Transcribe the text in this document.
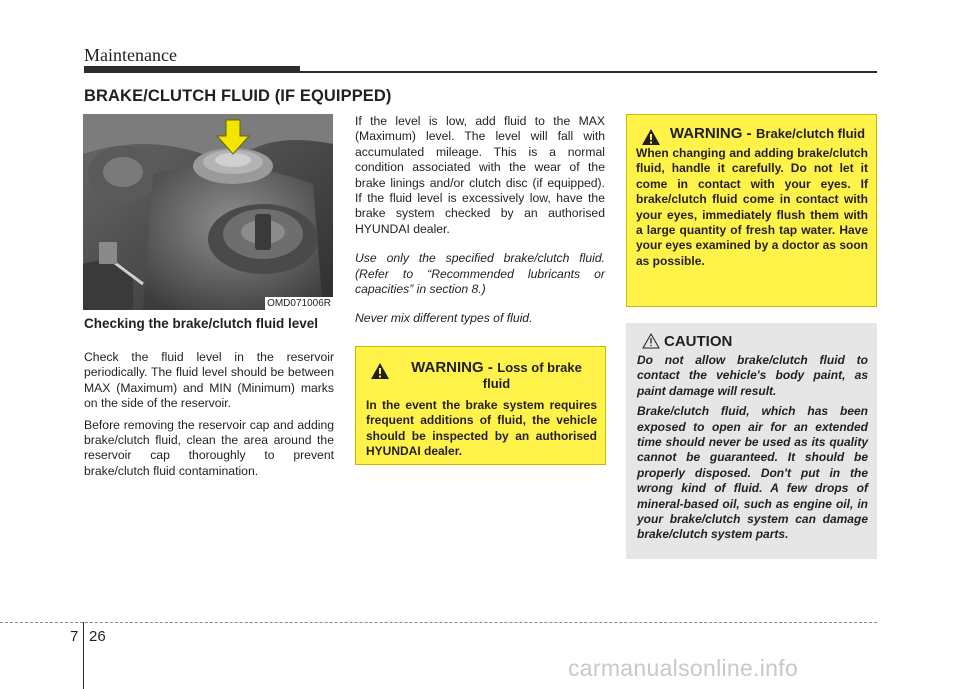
Maintenance
BRAKE/CLUTCH FLUID (IF EQUIPPED)
OMD071006R
Checking the brake/clutch fluid level

Check the fluid level in the reservoir periodically. The fluid level should be between MAX (Maximum) and MIN (Minimum) marks on the side of the reservoir.

Before removing the reservoir cap and adding brake/clutch fluid, clean the area around the reservoir cap thoroughly to prevent brake/clutch fluid contamination.

If the level is low, add fluid to the MAX (Maximum) level. The level will fall with accumulated mileage. This is a normal condition associated with the wear of the brake linings and/or clutch disc (if equipped). If the fluid level is excessively low, have the brake system checked by an authorised HYUNDAI dealer.

Use only the specified brake/clutch fluid. (Refer to “Recommended lubricants or capacities” in section 8.)

Never mix different types of fluid.

WARNING - Loss of brake fluid
In the event the brake system requires frequent additions of fluid, the vehicle should be inspected by an authorised HYUNDAI dealer.
WARNING - Brake/clutch fluid
When changing and adding brake/clutch fluid, handle it carefully. Do not let it come in contact with your eyes. If brake/clutch fluid come in contact with your eyes, immediately flush them with a large quantity of fresh tap water. Have your eyes examined by a doctor as soon as possible.
CAUTION

Do not allow brake/clutch fluid to contact the vehicle's body paint, as paint damage will result.

Brake/clutch fluid, which has been exposed to open air for an extended time should never be used as its quality cannot be guaranteed. It should be properly disposed. Don't put in the wrong kind of fluid. A few drops of mineral-based oil, such as engine oil, in your brake/clutch system can damage brake/clutch system parts.

7 26
carmanualsonline.info
